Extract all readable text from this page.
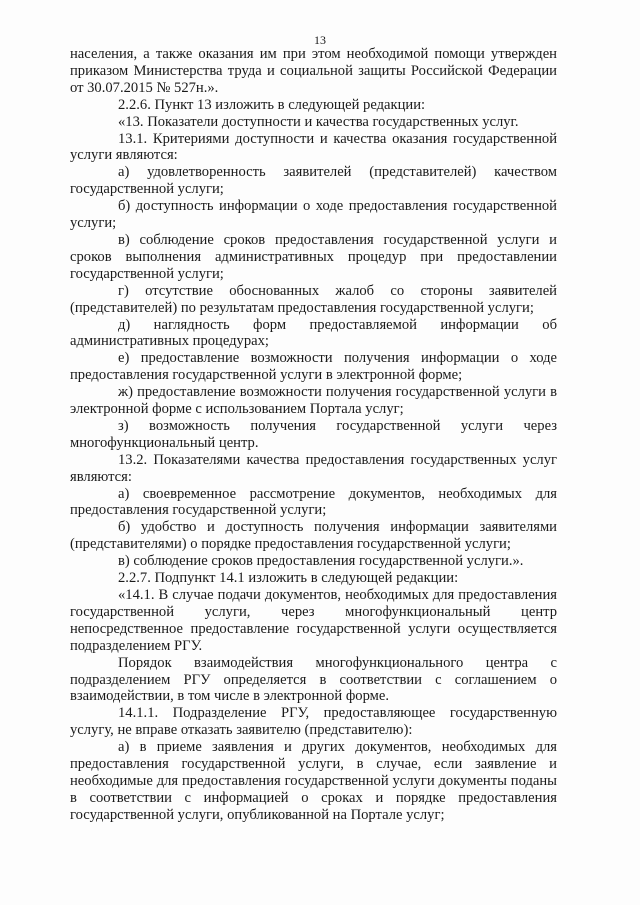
13

населения, а также оказания им при этом необходимой помощи утвержден приказом Министерства труда и социальной защиты Российской Федерации от 30.07.2015 № 527н.».

2.2.6. Пункт 13 изложить в следующей редакции:

«13. Показатели доступности и качества государственных услуг.

13.1. Критериями доступности и качества оказания государственной услуги являются:

а) удовлетворенность заявителей (представителей) качеством государственной услуги;

б) доступность информации о ходе предоставления государственной услуги;

в) соблюдение сроков предоставления государственной услуги и сроков выполнения административных процедур при предоставлении государственной услуги;

г) отсутствие обоснованных жалоб со стороны заявителей (представителей) по результатам предоставления государственной услуги;

д) наглядность форм предоставляемой информации об административных процедурах;

е) предоставление возможности получения информации о ходе предоставления государственной услуги в электронной форме;

ж) предоставление возможности получения государственной услуги в электронной форме с использованием Портала услуг;

з) возможность получения государственной услуги через многофункциональный центр.

13.2. Показателями качества предоставления государственных услуг являются:

а) своевременное рассмотрение документов, необходимых для предоставления государственной услуги;

б) удобство и доступность получения информации заявителями (представителями) о порядке предоставления государственной услуги;

в) соблюдение сроков предоставления государственной услуги.».

2.2.7. Подпункт 14.1 изложить в следующей редакции:

«14.1. В случае подачи документов, необходимых для предоставления государственной услуги, через многофункциональный центр непосредственное предоставление государственной услуги осуществляется подразделением РГУ.

Порядок взаимодействия многофункционального центра с подразделением РГУ определяется в соответствии с соглашением о взаимодействии, в том числе в электронной форме.

14.1.1. Подразделение РГУ, предоставляющее государственную услугу, не вправе отказать заявителю (представителю):

а) в приеме заявления и других документов, необходимых для предоставления государственной услуги, в случае, если заявление и необходимые для предоставления государственной услуги документы поданы в соответствии с информацией о сроках и порядке предоставления государственной услуги, опубликованной на Портале услуг;
